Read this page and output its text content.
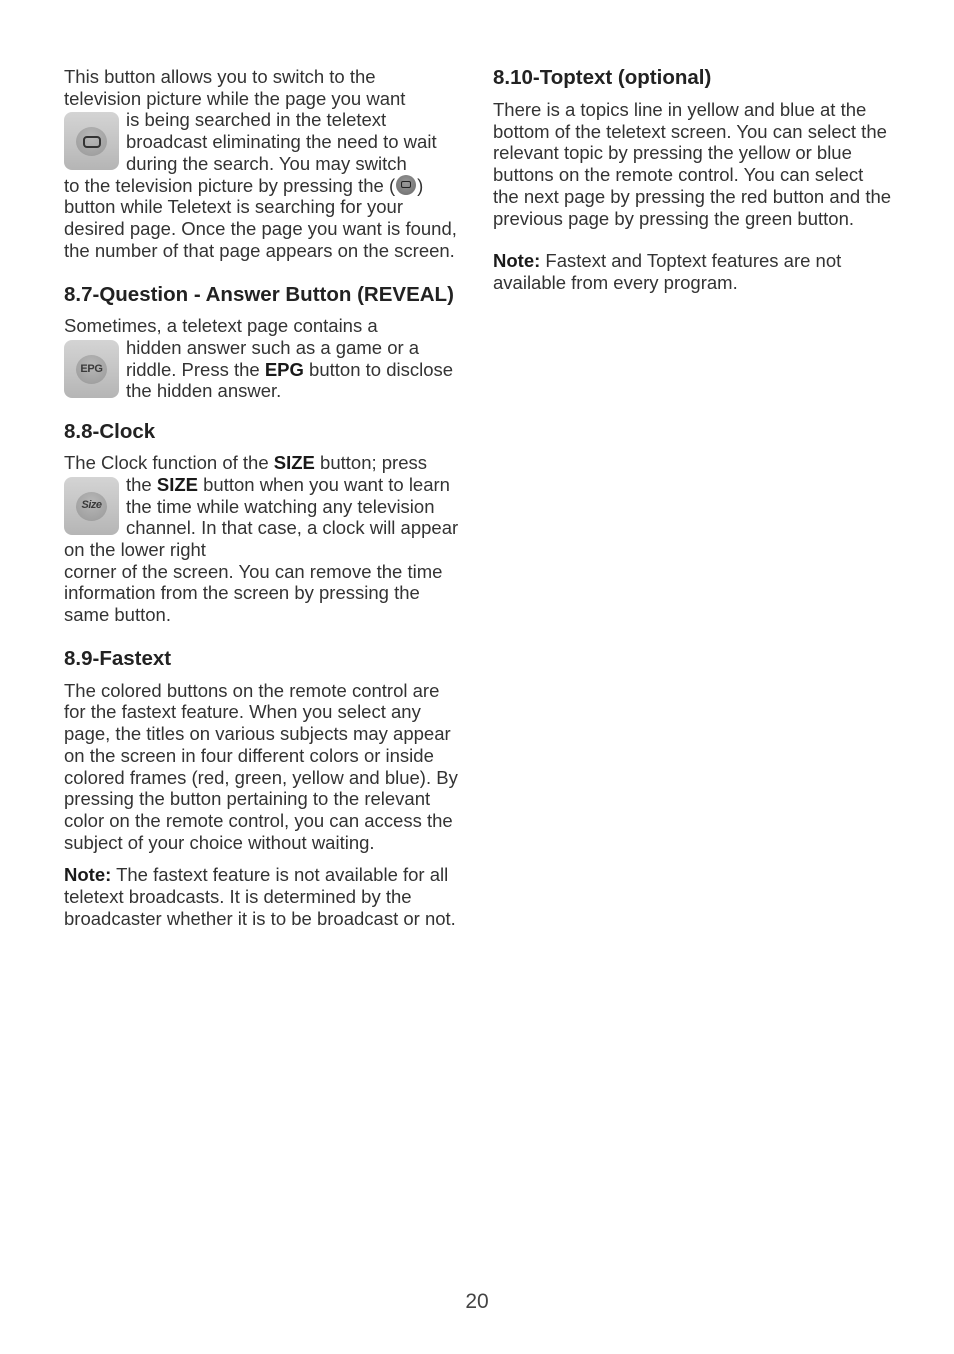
This button allows you to switch to the

television picture while the page you want

is being searched in the teletext broadcast eliminating the need to wait during the search. You may switch

to the television picture by pressing the ( ) button while Teletext is searching for your desired page. Once the page you want is found, the number of that page appears on the screen.

8.7-Question - Answer Button (REVEAL)

Sometimes, a teletext page contains a

EPG

hidden answer such as a game or a riddle. Press the EPG button to disclose the hidden answer.

8.8-Clock

The Clock function of the SIZE button; press

Size

the SIZE button when you want to learn the time while watching any television channel. In that case, a clock will appear on the lower right

corner of the screen. You can remove the time information from the screen by pressing the same button.

8.9-Fastext

The colored buttons on the remote control are for the fastext feature. When you select any page, the titles on various subjects may appear on the screen in four different colors or inside colored frames (red, green, yellow and blue). By pressing the button pertaining to the relevant color on the remote control, you can access the subject of your choice without waiting.

Note: The fastext feature is not available for all teletext broadcasts. It is determined by the broadcaster whether it is to be broadcast or not.

8.10-Toptext (optional)

There is a topics line in yellow and blue at the bottom of the teletext screen. You can select the relevant topic by pressing the yellow or blue buttons on the remote control. You can select the next page by pressing the red button and the previous page by pressing the green button.

Note: Fastext and Toptext features are not available from every program.

20
